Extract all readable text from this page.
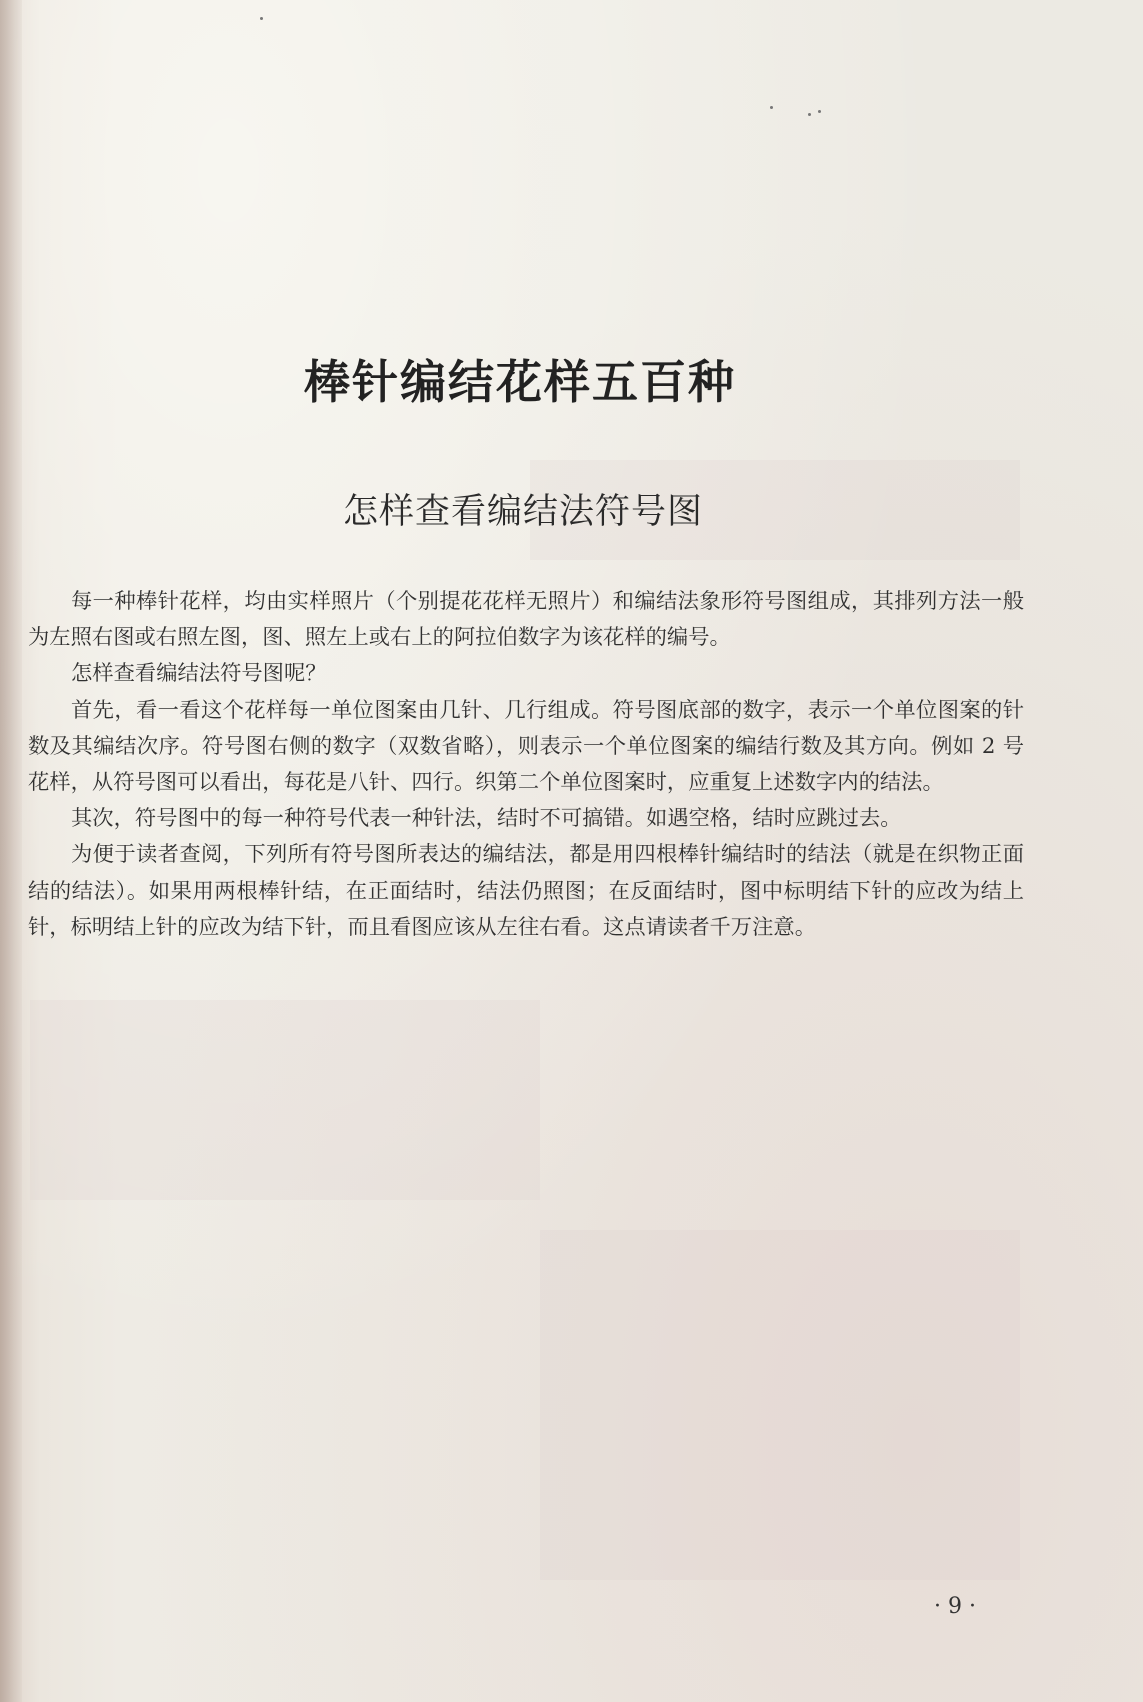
棒针编结花样五百种
怎样查看编结法符号图

每一种棒针花样，均由实样照片（个别提花花样无照片）和编结法象形符号图组成，其排列方法一般为左照右图或右照左图，图、照左上或右上的阿拉伯数字为该花样的编号。

怎样查看编结法符号图呢？

首先，看一看这个花样每一单位图案由几针、几行组成。符号图底部的数字，表示一个单位图案的针数及其编结次序。符号图右侧的数字（双数省略），则表示一个单位图案的编结行数及其方向。例如 2 号花样，从符号图可以看出，每花是八针、四行。织第二个单位图案时，应重复上述数字内的结法。

其次，符号图中的每一种符号代表一种针法，结时不可搞错。如遇空格，结时应跳过去。

为便于读者查阅，下列所有符号图所表达的编结法，都是用四根棒针编结时的结法（就是在织物正面结的结法）。如果用两根棒针结，在正面结时，结法仍照图；在反面结时，图中标明结下针的应改为结上针，标明结上针的应改为结下针，而且看图应该从左往右看。这点请读者千万注意。

· 9 ·
